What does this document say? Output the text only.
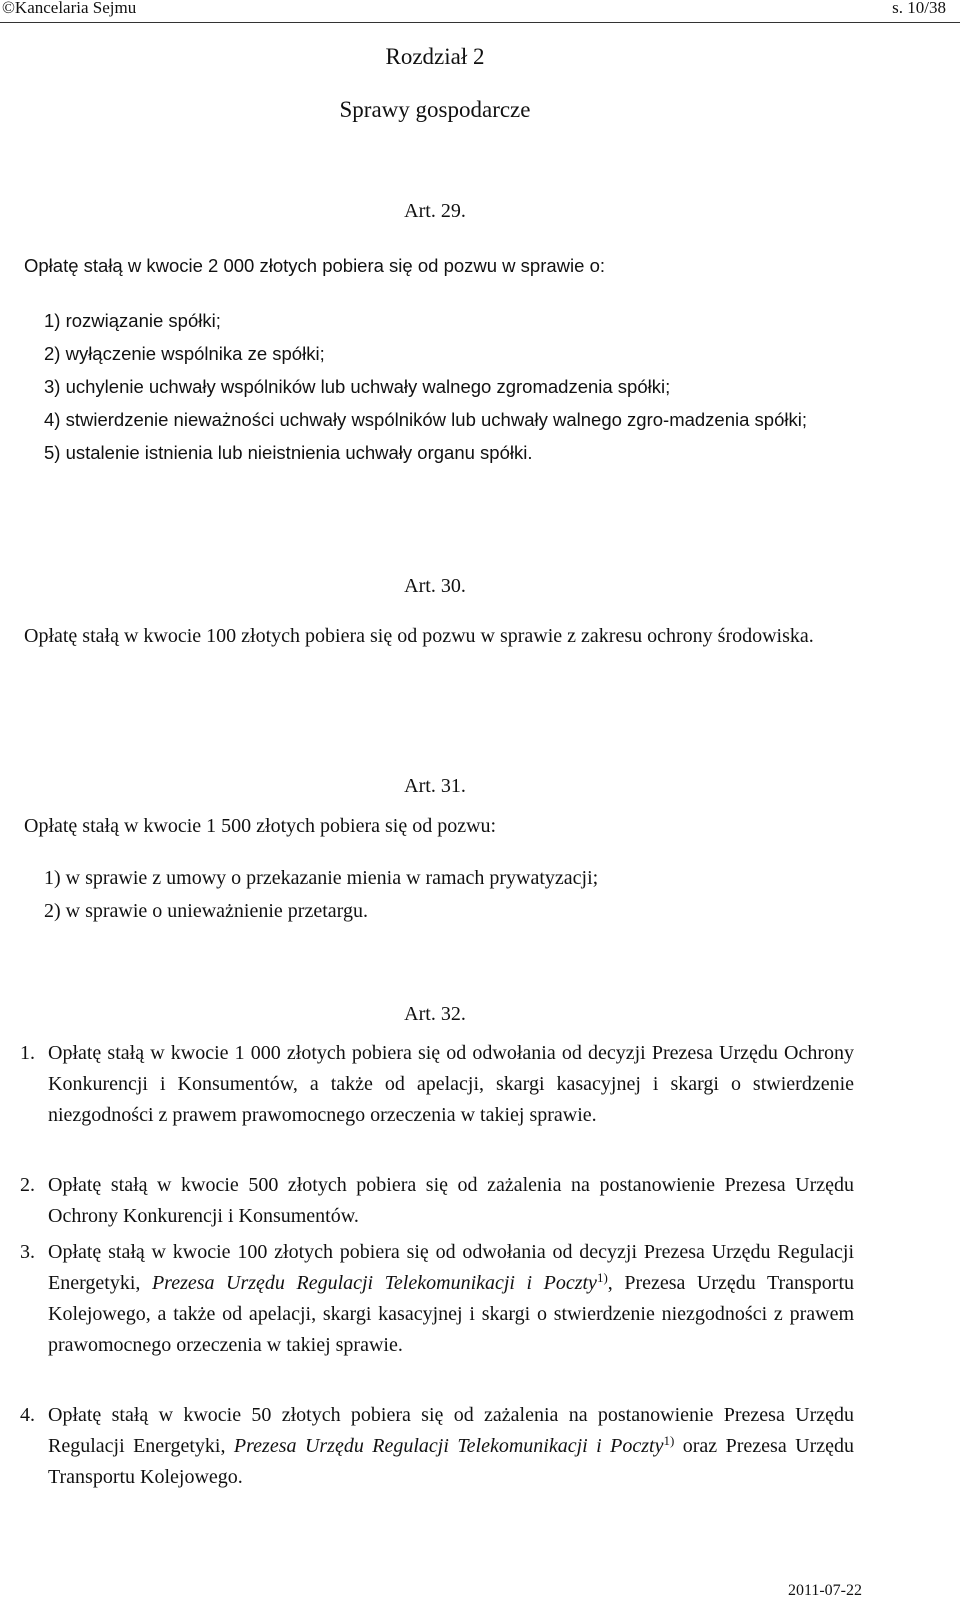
©Kancelaria Sejmu	s. 10/38
Rozdział 2
Sprawy gospodarcze
Art. 29.
Opłatę stałą w kwocie 2 000 złotych pobiera się od pozwu w sprawie o:
1) rozwiązanie spółki;
2) wyłączenie wspólnika ze spółki;
3) uchylenie uchwały wspólników lub uchwały walnego zgromadzenia spółki;
4) stwierdzenie nieważności uchwały wspólników lub uchwały walnego zgro-madzenia spółki;
5) ustalenie istnienia lub nieistnienia uchwały organu spółki.
Art. 30.
Opłatę stałą w kwocie 100 złotych pobiera się od pozwu w sprawie z zakresu ochrony środowiska.
Art. 31.
Opłatę stałą w kwocie 1 500 złotych pobiera się od pozwu:
1) w sprawie z umowy o przekazanie mienia w ramach prywatyzacji;
2) w sprawie o unieważnienie przetargu.
Art. 32.
1. Opłatę stałą w kwocie 1 000 złotych pobiera się od odwołania od decyzji Prezesa Urzędu Ochrony Konkurencji i Konsumentów, a także od apelacji, skargi kasacyjnej i skargi o stwierdzenie niezgodności z prawem prawomocnego orzeczenia w takiej sprawie.
2. Opłatę stałą w kwocie 500 złotych pobiera się od zażalenia na postanowienie Prezesa Urzędu Ochrony Konkurencji i Konsumentów.
3. Opłatę stałą w kwocie 100 złotych pobiera się od odwołania od decyzji Prezesa Urzędu Regulacji Energetyki, Prezesa Urzędu Regulacji Telekomunikacji i Poczty$^{1)}$, Prezesa Urzędu Transportu Kolejowego, a także od apelacji, skargi kasacyjnej i skargi o stwierdzenie niezgodności z prawem prawomocnego orzeczenia w takiej sprawie.
4. Opłatę stałą w kwocie 50 złotych pobiera się od zażalenia na postanowienie Prezesa Urzędu Regulacji Energetyki, Prezesa Urzędu Regulacji Telekomunikacji i Poczty$^{1)}$ oraz Prezesa Urzędu Transportu Kolejowego.
2011-07-22
